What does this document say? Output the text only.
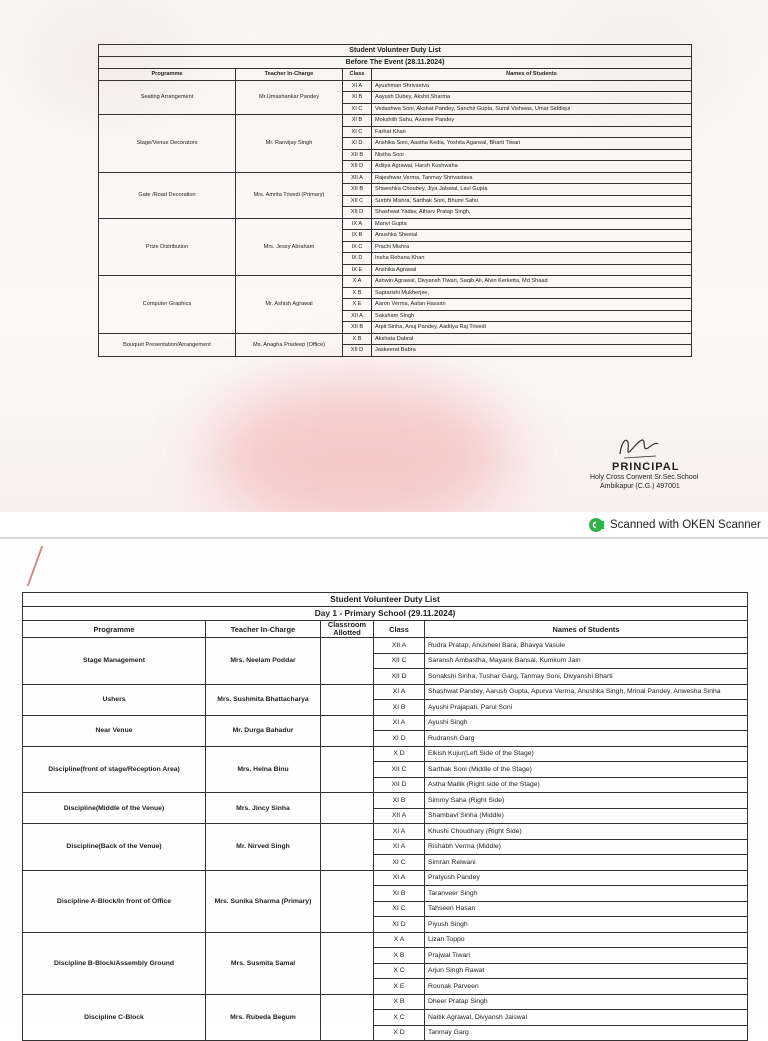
Student Volunteer Duty List			
Before The Event (28.11.2024)			
Programme	Teacher In-Charge	Class	Names of Students
Seating Arrangement	Mr.Umashankar Pandey	XI A	Ayushman Shrivastva
		XI B	Aayush Dubey, Akshit Sharma
		XI C	Vedashwa Soni, Akshat Pandey, Sanchit Gupta, Sumit Vishwas, Umar Siddiqui
Stage/Venue Decorators	Mr. Ranvijay Singh	XI B	Mokshith Sahu, Avanee Pandey
		XI C	Farhat Khan
		XI D	Anshika Soni, Aastha Kedia, Yoshita Agarwal, Bharti Tiwari
		XII B	Nistha Soni
		XII D	Aditya Agrawal, Harsh Kushwaha
Gate /Road Decoration	Mrs. Amrita Trivedi (Primary)	XII A	Rajeshwar Verma, Tanmay Shrivastava
		XII B	Shweshka Choubey, Jiya Jaiswal, Lavi Gupta
		XII C	Surbhi Mishra, Sarthak Soni, Bhumi Sahu
		XII D	Shashwat Yadav, Atharv Pratap Singh,
Prize Distribution	Mrs. Jessy Abraham	IX A	Manvi Gupta
		IX B	Anushka Sheetal
		IX C	Prachi Mishra
		IX D	Insha Rehana Khan
		IX E	Anshika Agrawal
Computer Graphics	Mr. Ashish Agrawal	X A	Ashwin Agrawal, Divyansh Tiwari, Saqib Ali, Alvin Kerketta, Md Shaad
		X B	Saptarishi Mukherjee,
		X E	Aaron Verma, Aafan Hassan
		XII A	Saksham Singh
		XII B	Arpit Sinha, Anuj Pandey, Aaditya Raj Trivedi
Bouquet Presentation/Arrangement	Ms. Anagha Pradeep (Office)	X B	Akshata Dabral
		XII D	Jaskeerat Babra
PRINCIPAL
Holy Cross Convent Sr.Sec.School
Ambikapur (C.G.) 497001
Scanned with OKEN Scanner
Student Volunteer Duty List				
Day 1 - Primary School (29.11.2024)				
Programme	Teacher In-Charge	Classroom Allotted	Class	Names of Students
Stage Management	Mrs. Neelam Poddar		XII A	Rudra Pratap, Anusheel Bara, Bhavya Vasule
			XII C	Saransh Ambastha, Mayank Bansal, Kumkum Jain
			XII D	Sonakshi Sinha, Tushar Garg, Tanmay Soni, Divyanshi Bharti
Ushers	Mrs. Sushmita Bhattacharya		XI A	Shashwat Pandey, Aarush Gupta, Apurva Verma, Anushka Singh, Mrinal Pandey, Anwesha Sinha
			XI B	Ayushi Prajapati, Parul Soni
Near Venue	Mr. Durga Bahadur		XI A	Ayushi Singh
			XI D	Rudransh Garg
Discipline(front of stage/Reception Area)	Mrs. Helna Binu		X D	Elkish Kujur(Left Side of the Stage)
			XII C	Sarthak Soni (Middle of the Stage)
			XII D	Astha Mallik (Right side of the Stage)
Discipline(Middle of the Venue)	Mrs. Jincy Sinha		XI B	Simmy Saha (Right Side)
			XII A	Shambavi Sinha (Middle)
Discipline(Back of the Venue)	Mr. Nirved Singh		XI A	Khushi Choudhary (Right Side)
			XI A	Rishabh Verma (Middle)
			XI C	Simran Relwani
Discipline A-Block/In front of Office	Mrs. Sunika Sharma (Primary)		XI A	Pratyush Pandey
			XI B	Taranveer Singh
			XI C	Tahseen Hasan
			XI D	Piyush Singh
Discipline B-Block/Assembly Ground	Mrs. Susmita Samal		X A	Lizan Toppo
			X B	Prajwal Tiwari
			X C	Arjun Singh Rawat
			X E	Rounak Parveen
Discipline C-Block	Mrs. Rubeda Begum		X B	Dheer Pratap Singh
			X C	Naitik Agrawal, Divyansh Jaiswal
			X D	Tanmay Garg
